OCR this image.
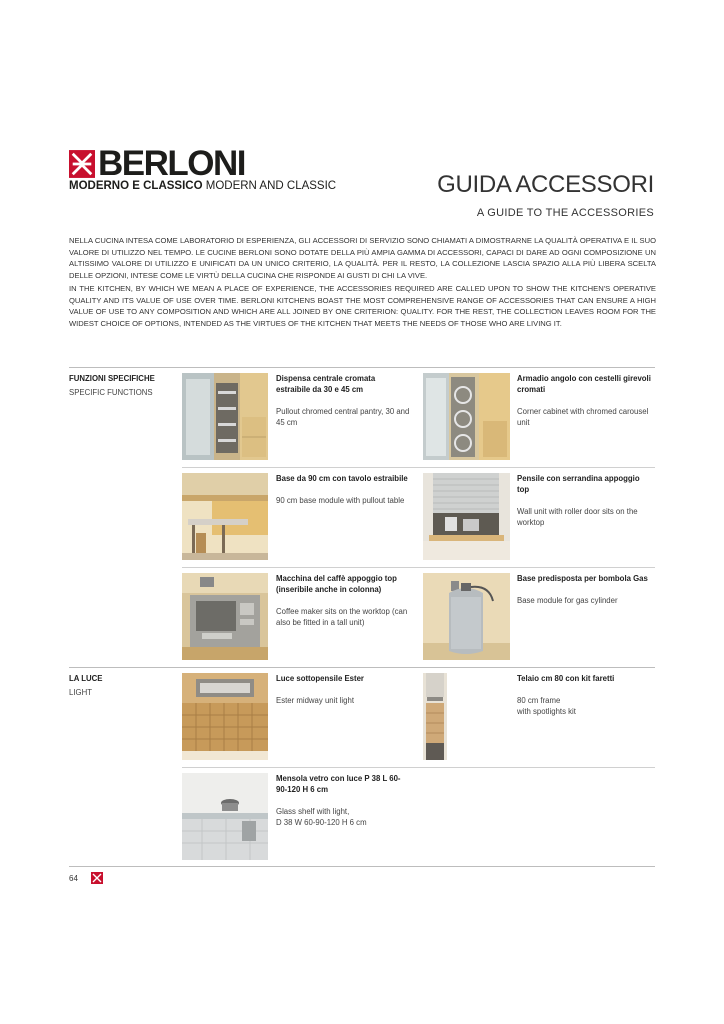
BERLONI
MODERNO E CLASSICO MODERN AND CLASSIC	GUIDA ACCESSORI
A GUIDE TO THE ACCESSORIES
NELLA CUCINA INTESA COME LABORATORIO DI ESPERIENZA, GLI ACCESSORI DI SERVIZIO SONO CHIAMATI A DIMOSTRARNE LA QUALITÀ OPERATIVA E IL SUO VALORE DI UTILIZZO NEL TEMPO. LE CUCINE BERLONI SONO DOTATE DELLA PIÙ AMPIA GAMMA DI ACCESSORI, CAPACI DI DARE AD OGNI COMPOSIZIONE UN ALTISSIMO VALORE DI UTILIZZO E UNIFICATI DA UN UNICO CRITERIO, LA QUALITÀ. PER IL RESTO, LA COLLEZIONE LASCIA SPAZIO ALLA PIÙ LIBERA SCELTA DELLE OPZIONI, INTESE COME LE VIRTÙ DELLA CUCINA CHE RISPONDE AI GUSTI DI CHI LA VIVE.
IN THE KITCHEN, BY WHICH WE MEAN A PLACE OF EXPERIENCE, THE ACCESSORIES REQUIRED ARE CALLED UPON TO SHOW THE KITCHEN'S OPERATIVE QUALITY AND ITS VALUE OF USE OVER TIME. BERLONI KITCHENS BOAST THE MOST COMPREHENSIVE RANGE OF ACCESSORIES THAT CAN ENSURE A HIGH VALUE OF USE TO ANY COMPOSITION AND WHICH ARE ALL JOINED BY ONE CRITERION: QUALITY. FOR THE REST, THE COLLECTION LEAVES ROOM FOR THE WIDEST CHOICE OF OPTIONS, INTENDED AS THE VIRTUES OF THE KITCHEN THAT MEETS THE NEEDS OF THOSE WHO ARE LIVING IT.
FUNZIONI SPECIFICHE
SPECIFIC FUNCTIONS
Dispensa centrale cromata estraibile da 30 e 45 cm
Pullout chromed central pantry, 30 and 45 cm
Armadio angolo con cestelli girevoli cromati
Corner cabinet with chromed carousel unit
Base da 90 cm con tavolo estraibile
90 cm base module with pullout table
Pensile con serrandina appoggio top
Wall unit with roller door sits on the worktop
Macchina del caffè appoggio top (inseribile anche in colonna)
Coffee maker sits on the worktop (can also be fitted in a tall unit)
Base predisposta per bombola Gas
Base module for gas cylinder
LA LUCE
LIGHT
Luce sottopensile Ester
Ester midway unit light
Telaio cm 80 con kit faretti
80 cm frame
with spotlights kit
Mensola vetro con luce P 38 L 60-90-120 H 6 cm
Glass shelf with light,
D 38 W 60-90-120 H 6 cm
64
